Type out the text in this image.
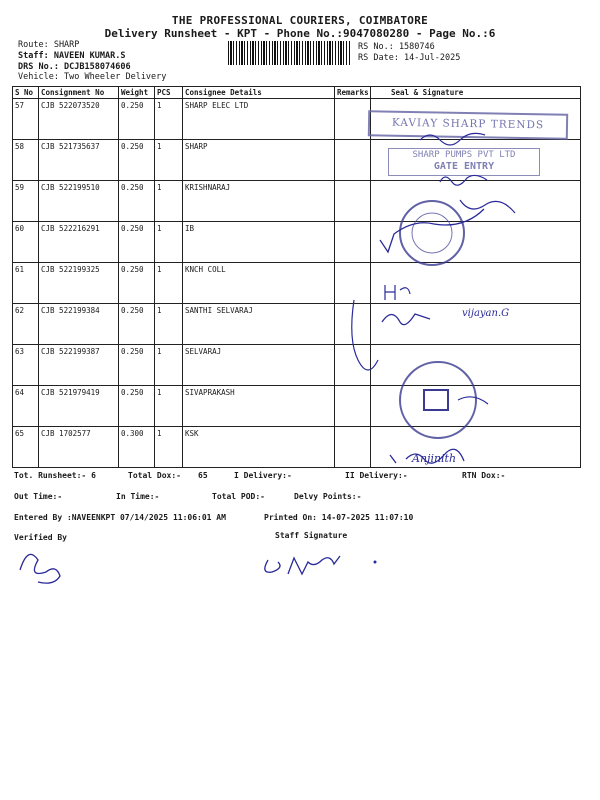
THE PROFESSIONAL COURIERS, COIMBATORE
Delivery Runsheet - KPT - Phone No.:9047080280 - Page No.:6
Route: SHARP
Staff: NAVEEN KUMAR.S
DRS No.: DCJB158074606
Vehicle: Two Wheeler Delivery
RS No.: 1580746
RS Date: 14-Jul-2025
S No	Consignment No	Weight	PCS	Consignee Details	Remarks	Seal & Signature
57	CJB 522073520	0.250	1	SHARP ELEC LTD		
58	CJB 521735637	0.250	1	SHARP		
59	CJB 522199510	0.250	1	KRISHNARAJ		
60	CJB 522216291	0.250	1	IB		
61	CJB 522199325	0.250	1	KNCH COLL		
62	CJB 522199384	0.250	1	SANTHI SELVARAJ		
63	CJB 522199387	0.250	1	SELVARAJ		
64	CJB 521979419	0.250	1	SIVAPRAKASH		
65	CJB 1702577	0.300	1	KSK		
KAVIAY SHARP TRENDS
SHARP PUMPS PVT LTD
GATE ENTRY
vijayan.G
Anjinith
Tot. Runsheet:- 6	Total Dox:- 65	I Delivery:-	II Delivery:-	RTN Dox:-
Out Time:-	In Time:-	Total POD:-	Delvy Points:-
Entered By :NAVEENKPT 07/14/2025 11:06:01 AM	Printed On: 14-07-2025 11:07:10
Verified By	Staff Signature
